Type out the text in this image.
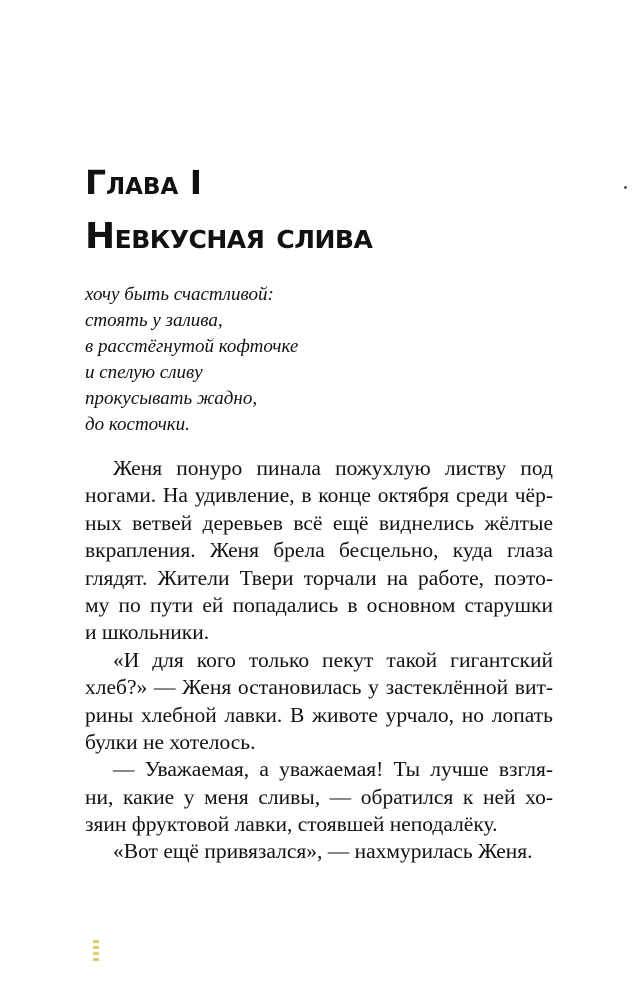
Глава I
Невкусная слива
хочу быть счастливой:
стоять у залива,
в расстёгнутой кофточке
и спелую сливу
прокусывать жадно,
до косточки.
Женя понуро пинала пожухлую листву под
ногами. На удивление, в конце октября среди чёр-
ных ветвей деревьев всё ещё виднелись жёлтые
вкрапления. Женя брела бесцельно, куда глаза
глядят. Жители Твери торчали на работе, поэто-
му по пути ей попадались в основном старушки
и школьники.
«И для кого только пекут такой гигантский
хлеб?» — Женя остановилась у застеклённой вит-
рины хлебной лавки. В животе урчало, но лопать
булки не хотелось.
— Уважаемая, а уважаемая! Ты лучше взгля-
ни, какие у меня сливы, — обратился к ней хо-
зяин фруктовой лавки, стоявшей неподалёку.
«Вот ещё привязался», — нахмурилась Женя.
